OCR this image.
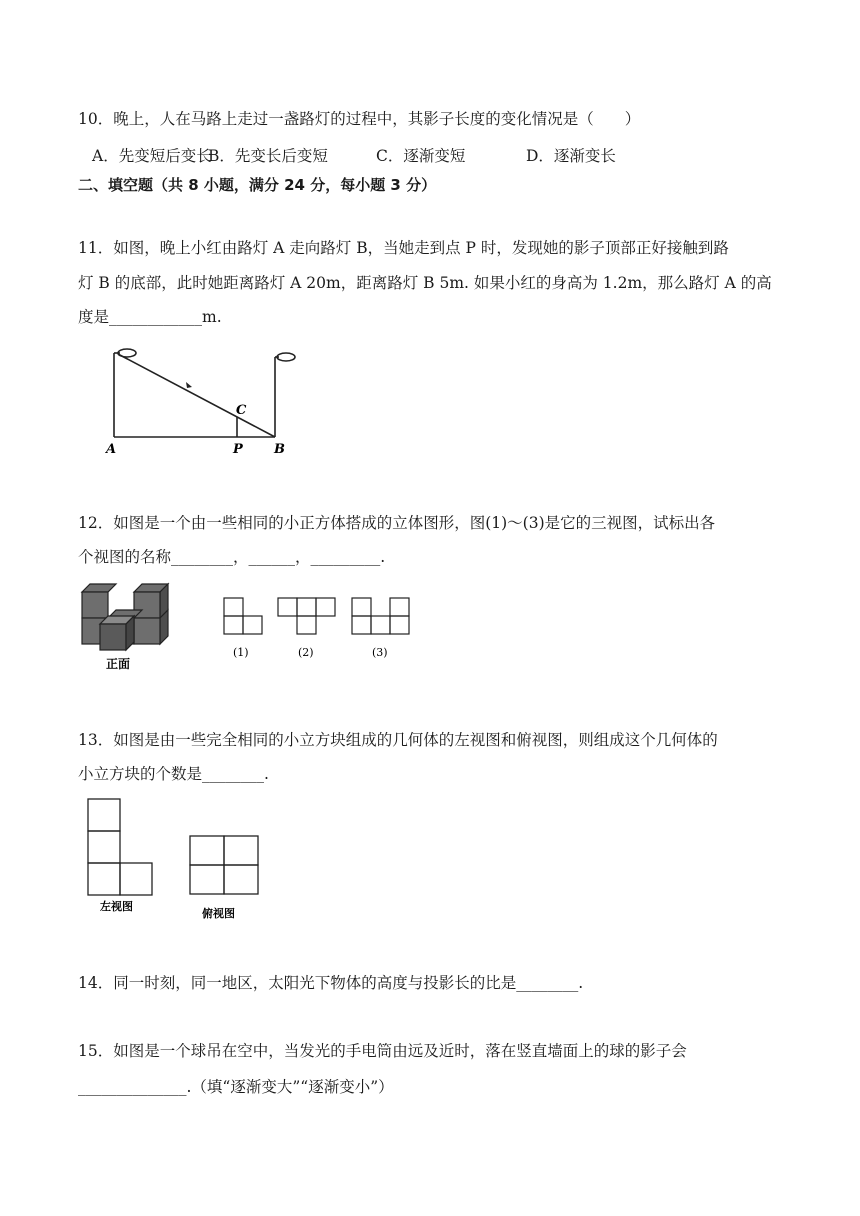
10．晚上，人在马路上走过一盏路灯的过程中，其影子长度的变化情况是（　　）
A．先变短后变长
B．先变长后变短	C．逐渐变短	D．逐渐变长
二、填空题（共 8 小题，满分 24 分，每小题 3 分）
11．如图，晚上小红由路灯 A 走向路灯 B，当她走到点 P 时，发现她的影子顶部正好接触到路
灯 B 的底部，此时她距离路灯 A 20m，距离路灯 B 5m. 如果小红的身高为 1.2m，那么路灯 A 的高
度是____________m.
A	P B
C
12．如图是一个由一些相同的小正方体搭成的立体图形，图(1)～(3)是它的三视图，试标出各
个视图的名称________，______，_________.
正面
(1)	(2)	(3)
13．如图是由一些完全相同的小立方块组成的几何体的左视图和俯视图，则组成这个几何体的
小立方块的个数是________.
左视图
俯视图
14．同一时刻，同一地区，太阳光下物体的高度与投影长的比是________.
15．如图是一个球吊在空中，当发光的手电筒由远及近时，落在竖直墙面上的球的影子会
______________.（填“逐渐变大”“逐渐变小”）
